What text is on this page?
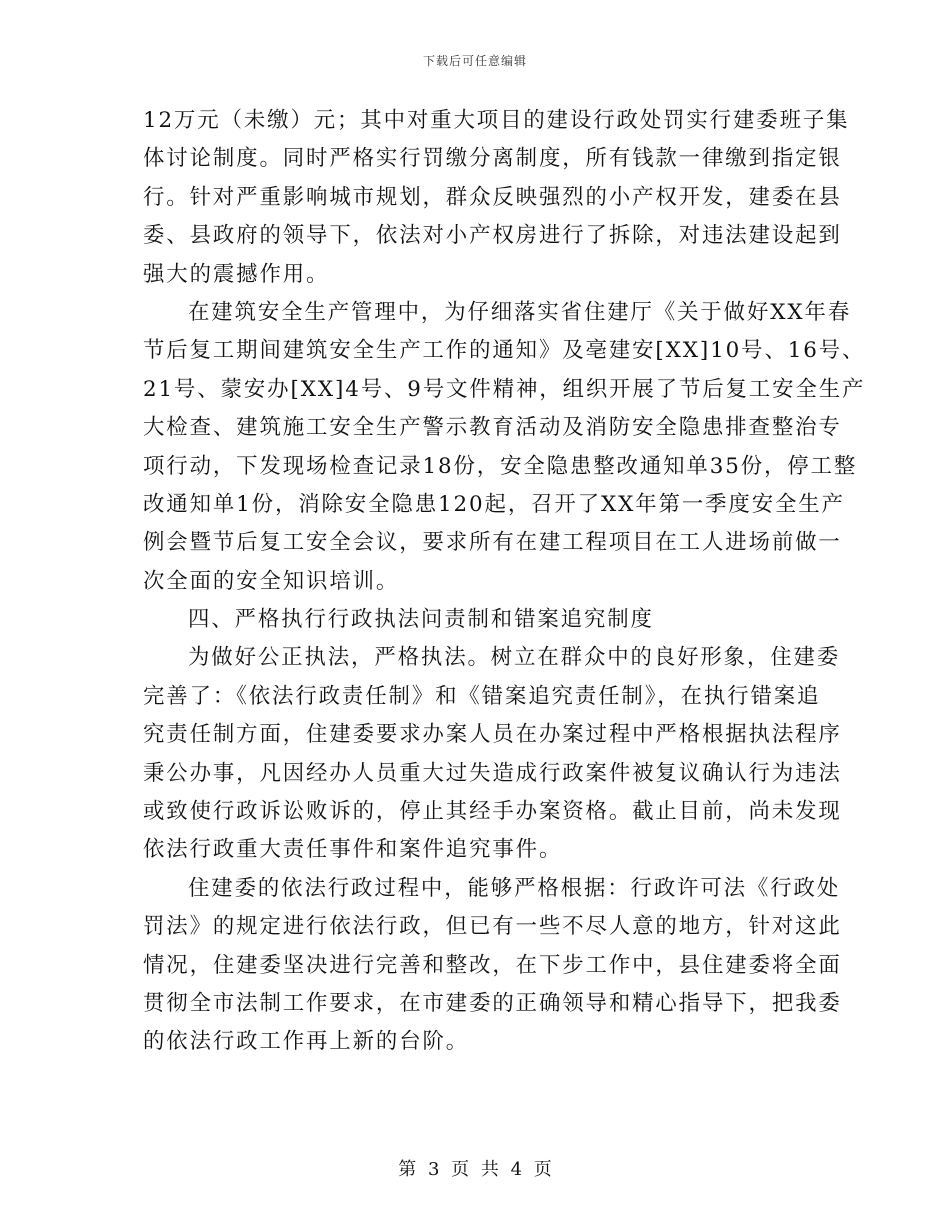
下载后可任意编辑
12万元（未缴）元；其中对重大项目的建设行政处罚实行建委班子集
体讨论制度。同时严格实行罚缴分离制度，所有钱款一律缴到指定银
行。针对严重影响城市规划，群众反映强烈的小产权开发，建委在县
委、县政府的领导下，依法对小产权房进行了拆除，对违法建设起到
强大的震撼作用。
在建筑安全生产管理中，为仔细落实省住建厅《关于做好XX年春
节后复工期间建筑安全生产工作的通知》及亳建安[XX]10号、16号、
21号、蒙安办[XX]4号、9号文件精神，组织开展了节后复工安全生产
大检查、建筑施工安全生产警示教育活动及消防安全隐患排查整治专
项行动，下发现场检查记录18份，安全隐患整改通知单35份，停工整
改通知单1份，消除安全隐患120起，召开了XX年第一季度安全生产
例会暨节后复工安全会议，要求所有在建工程项目在工人进场前做一
次全面的安全知识培训。
四、严格执行行政执法问责制和错案追究制度
为做好公正执法，严格执法。树立在群众中的良好形象，住建委
完善了：《依法行政责任制》和《错案追究责任制》，在执行错案追
究责任制方面，住建委要求办案人员在办案过程中严格根据执法程序
秉公办事，凡因经办人员重大过失造成行政案件被复议确认行为违法
或致使行政诉讼败诉的，停止其经手办案资格。截止目前，尚未发现
依法行政重大责任事件和案件追究事件。
住建委的依法行政过程中，能够严格根据：行政许可法《行政处
罚法》的规定进行依法行政，但已有一些不尽人意的地方，针对这此
情况，住建委坚决进行完善和整改，在下步工作中，县住建委将全面
贯彻全市法制工作要求，在市建委的正确领导和精心指导下，把我委
的依法行政工作再上新的台阶。
第 3 页 共 4 页
